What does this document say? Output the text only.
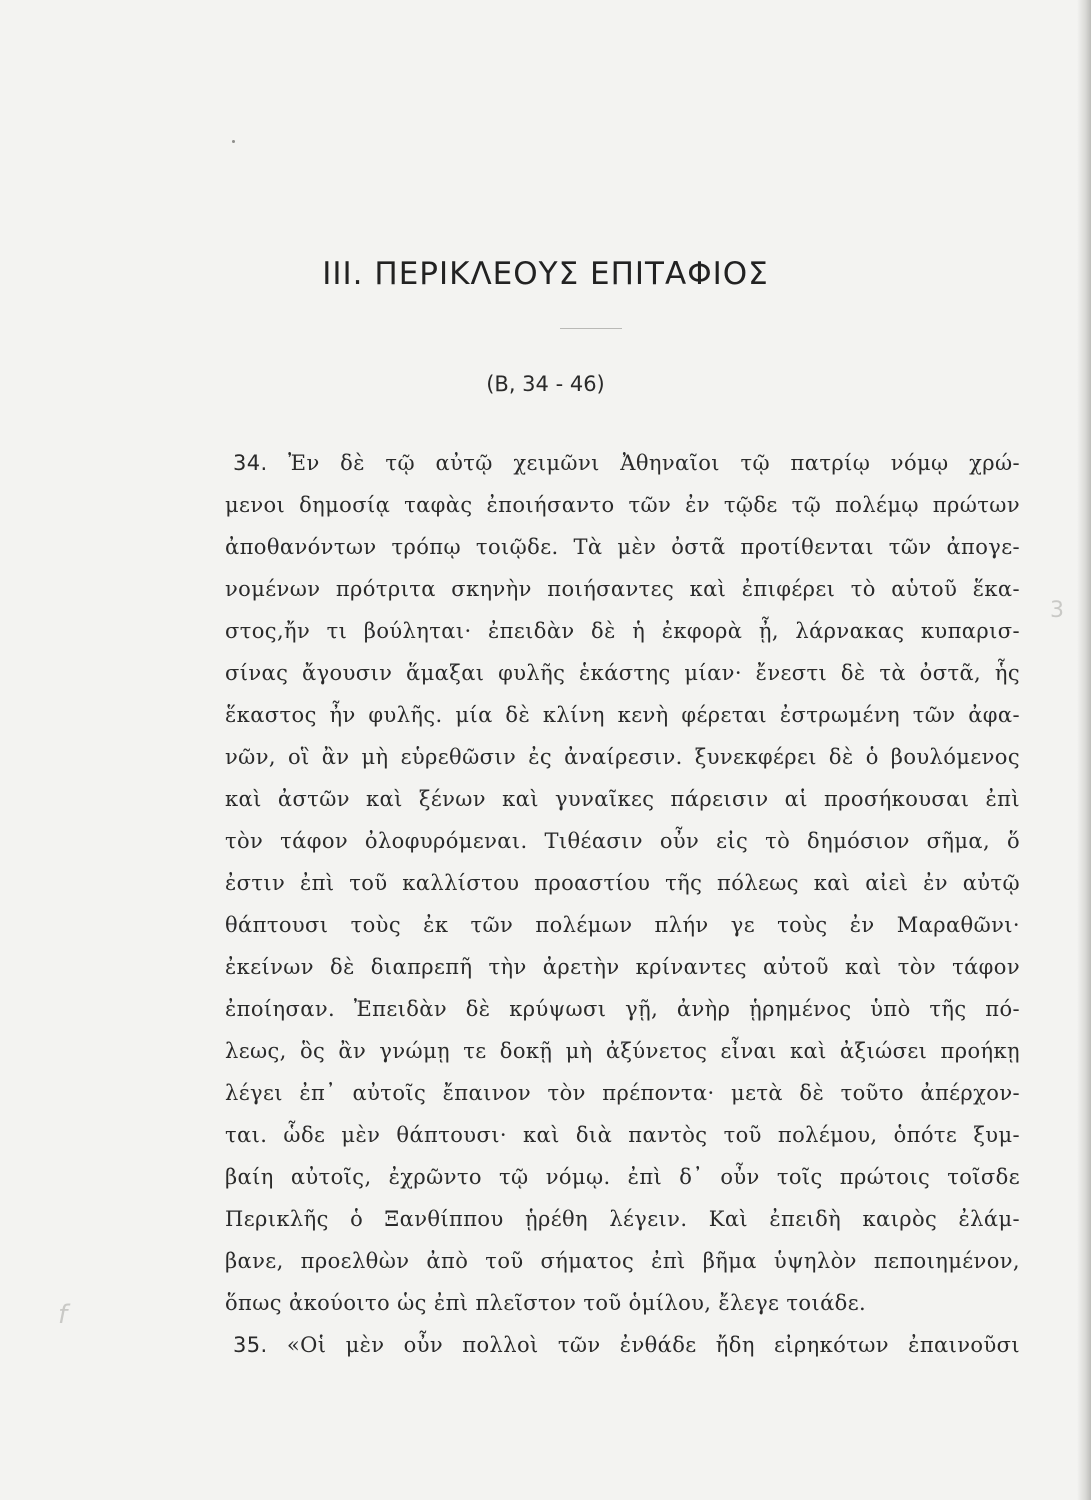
III. ΠΕΡΙΚΛΕΟΥΣ ΕΠΙΤΑΦΙΟΣ
(Β, 34 - 46)
34. Ἐν δὲ τῷ αὐτῷ χειμῶνι Ἀθηναῖοι τῷ πατρίῳ νόμῳ χρώ-
μενοι δημοσίᾳ ταφὰς ἐποιήσαντο τῶν ἐν τῷδε τῷ πολέμῳ πρώτων
ἀποθανόντων τρόπῳ τοιῷδε. Τὰ μὲν ὀστᾶ προτίθενται τῶν ἀπογε-
νομένων πρότριτα σκηνὴν ποιήσαντες καὶ ἐπιφέρει τὸ αὑτοῦ ἕκα-
στος,ἤν τι βούληται· ἐπειδὰν δὲ ἡ ἐκφορὰ ᾖ, λάρνακας κυπαρισ-
σίνας ἄγουσιν ἅμαξαι φυλῆς ἑκάστης μίαν· ἔνεστι δὲ τὰ ὀστᾶ, ἧς
ἕκαστος ἦν φυλῆς. μία δὲ κλίνη κενὴ φέρεται ἐστρωμένη τῶν ἀφα-
νῶν, οἳ ἂν μὴ εὑρεθῶσιν ἐς ἀναίρεσιν. ξυνεκφέρει δὲ ὁ βουλόμενος
καὶ ἀστῶν καὶ ξένων καὶ γυναῖκες πάρεισιν αἱ προσήκουσαι ἐπὶ
τὸν τάφον ὀλοφυρόμεναι. Τιθέασιν οὖν εἰς τὸ δημόσιον σῆμα, ὅ
ἐστιν ἐπὶ τοῦ καλλίστου προαστίου τῆς πόλεως καὶ αἰεὶ ἐν αὐτῷ
θάπτουσι τοὺς ἐκ τῶν πολέμων πλήν γε τοὺς ἐν Μαραθῶνι·
ἐκείνων δὲ διαπρεπῆ τὴν ἀρετὴν κρίναντες αὐτοῦ καὶ τὸν τάφον
ἐποίησαν. Ἐπειδὰν δὲ κρύψωσι γῇ, ἀνὴρ ᾑρημένος ὑπὸ τῆς πό-
λεως, ὃς ἂν γνώμῃ τε δοκῇ μὴ ἀξύνετος εἶναι καὶ ἀξιώσει προήκῃ
λέγει ἐπ᾽ αὐτοῖς ἔπαινον τὸν πρέποντα· μετὰ δὲ τοῦτο ἀπέρχον-
ται. ὧδε μὲν θάπτουσι· καὶ διὰ παντὸς τοῦ πολέμου, ὁπότε ξυμ-
βαίη αὐτοῖς, ἐχρῶντο τῷ νόμῳ. ἐπὶ δ᾽ οὖν τοῖς πρώτοις τοῖσδε
Περικλῆς ὁ Ξανθίππου ᾑρέθη λέγειν. Καὶ ἐπειδὴ καιρὸς ἐλάμ-
βανε, προελθὼν ἀπὸ τοῦ σήματος ἐπὶ βῆμα ὑψηλὸν πεποιημένον,
ὅπως ἀκούοιτο ὡς ἐπὶ πλεῖστον τοῦ ὁμίλου, ἔλεγε τοιάδε.
35. «Οἱ μὲν οὖν πολλοὶ τῶν ἐνθάδε ἤδη εἰρηκότων ἐπαινοῦσι
3
f
